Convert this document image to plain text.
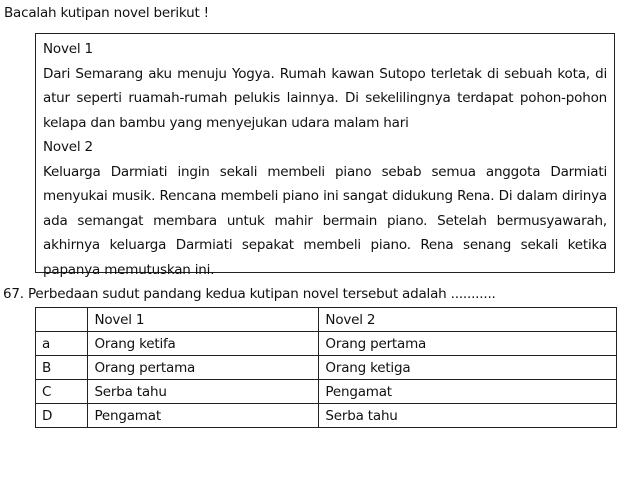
Bacalah kutipan novel berikut !
Novel 1
Dari Semarang aku menuju Yogya. Rumah kawan Sutopo terletak di sebuah kota, di atur seperti ruamah-rumah pelukis lainnya. Di sekelilingnya terdapat pohon-pohon kelapa dan bambu yang menyejukan udara malam hari
Novel 2
Keluarga Darmiati ingin sekali membeli piano sebab semua anggota Darmiati menyukai musik. Rencana membeli piano ini sangat didukung Rena. Di dalam dirinya ada semangat membara untuk mahir bermain piano. Setelah bermusyawarah, akhirnya keluarga Darmiati sepakat membeli piano. Rena senang sekali ketika papanya memutuskan ini.
67. Perbedaan sudut pandang kedua kutipan novel tersebut adalah ...........
	Novel 1	Novel 2
a	Orang ketifa	Orang pertama
B	Orang pertama	Orang ketiga
C	Serba tahu	Pengamat
D	Pengamat	Serba tahu
